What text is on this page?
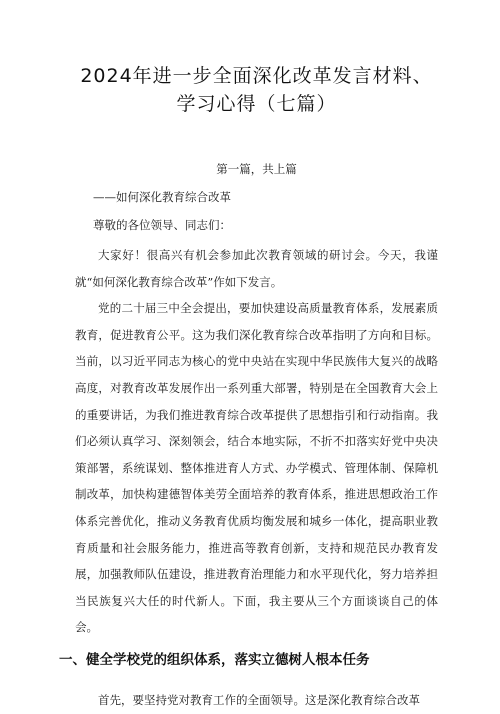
2024年进一步全面深化改革发言材料、学习心得（七篇）
第一篇，共上篇
——如何深化教育综合改革
尊敬的各位领导、同志们：
大家好！很高兴有机会参加此次教育领域的研讨会。今天，我谨就“如何深化教育综合改革”作如下发言。
党的二十届三中全会提出，要加快建设高质量教育体系，发展素质教育，促进教育公平。这为我们深化教育综合改革指明了方向和目标。当前，以习近平同志为核心的党中央站在实现中华民族伟大复兴的战略高度，对教育改革发展作出一系列重大部署，特别是在全国教育大会上的重要讲话，为我们推进教育综合改革提供了思想指引和行动指南。我们必须认真学习、深刻领会，结合本地实际，不折不扣落实好党中央决策部署，系统谋划、整体推进育人方式、办学模式、管理体制、保障机制改革，加快构建德智体美劳全面培养的教育体系，推进思想政治工作体系完善优化，推动义务教育优质均衡发展和城乡一体化，提高职业教育质量和社会服务能力，推进高等教育创新，支持和规范民办教育发展，加强教师队伍建设，推进教育治理能力和水平现代化，努力培养担当民族复兴大任的时代新人。下面，我主要从三个方面谈谈自己的体会。
一、健全学校党的组织体系，落实立德树人根本任务
首先，要坚持党对教育工作的全面领导。这是深化教育综合改革
